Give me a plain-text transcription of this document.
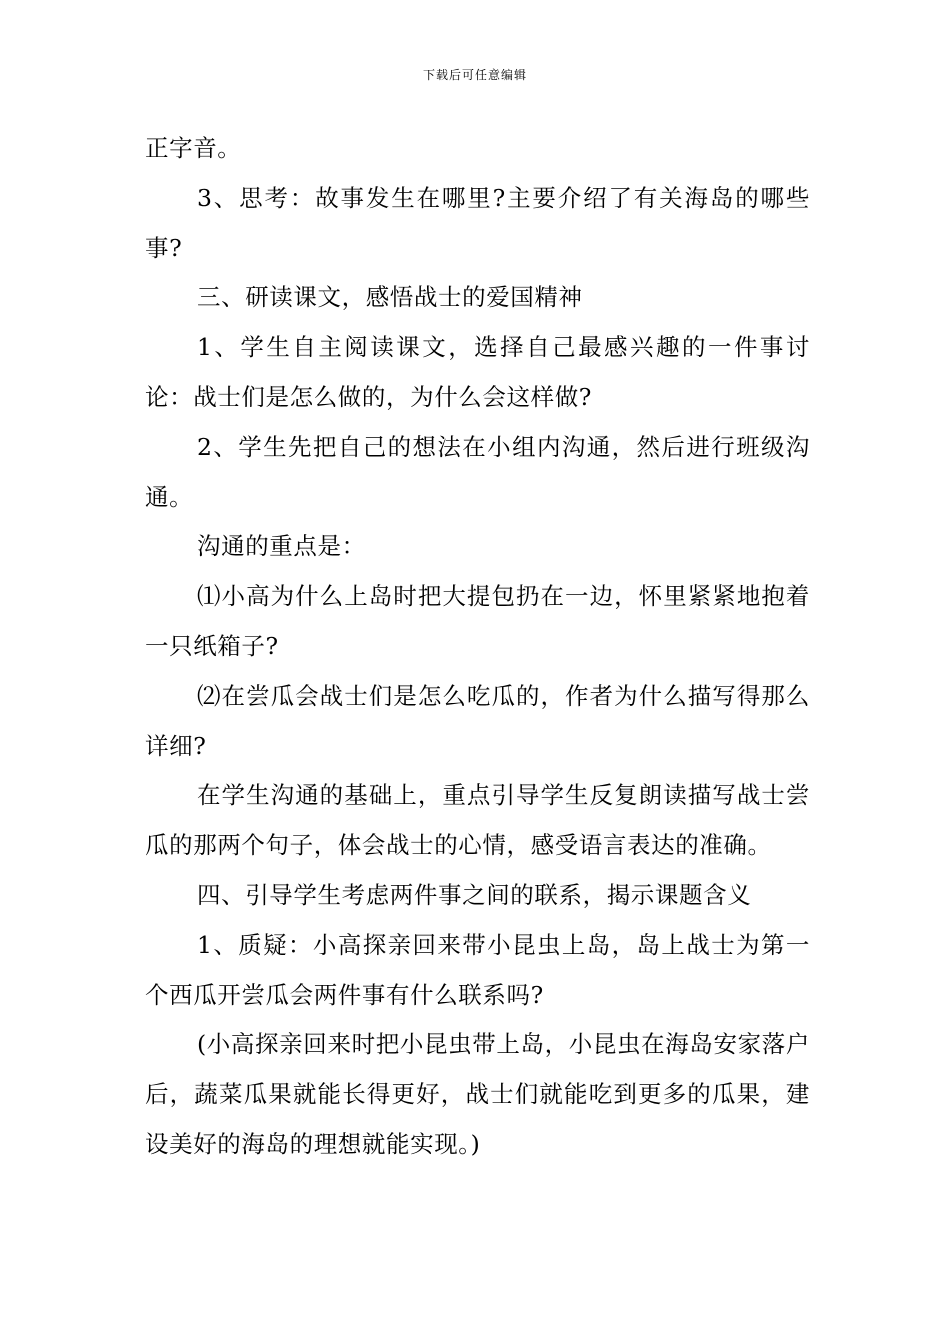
下载后可任意编辑

正字音。

3、思考：故事发生在哪里?主要介绍了有关海岛的哪些事?

三、研读课文，感悟战士的爱国精神

1、学生自主阅读课文，选择自己最感兴趣的一件事讨论：战士们是怎么做的，为什么会这样做?

2、学生先把自己的想法在小组内沟通，然后进行班级沟通。

沟通的重点是：

⑴小高为什么上岛时把大提包扔在一边，怀里紧紧地抱着一只纸箱子?

⑵在尝瓜会战士们是怎么吃瓜的，作者为什么描写得那么详细?

在学生沟通的基础上，重点引导学生反复朗读描写战士尝瓜的那两个句子，体会战士的心情，感受语言表达的准确。

四、引导学生考虑两件事之间的联系，揭示课题含义

1、质疑：小高探亲回来带小昆虫上岛，岛上战士为第一个西瓜开尝瓜会两件事有什么联系吗?

(小高探亲回来时把小昆虫带上岛，小昆虫在海岛安家落户后，蔬菜瓜果就能长得更好，战士们就能吃到更多的瓜果，建设美好的海岛的理想就能实现。)
